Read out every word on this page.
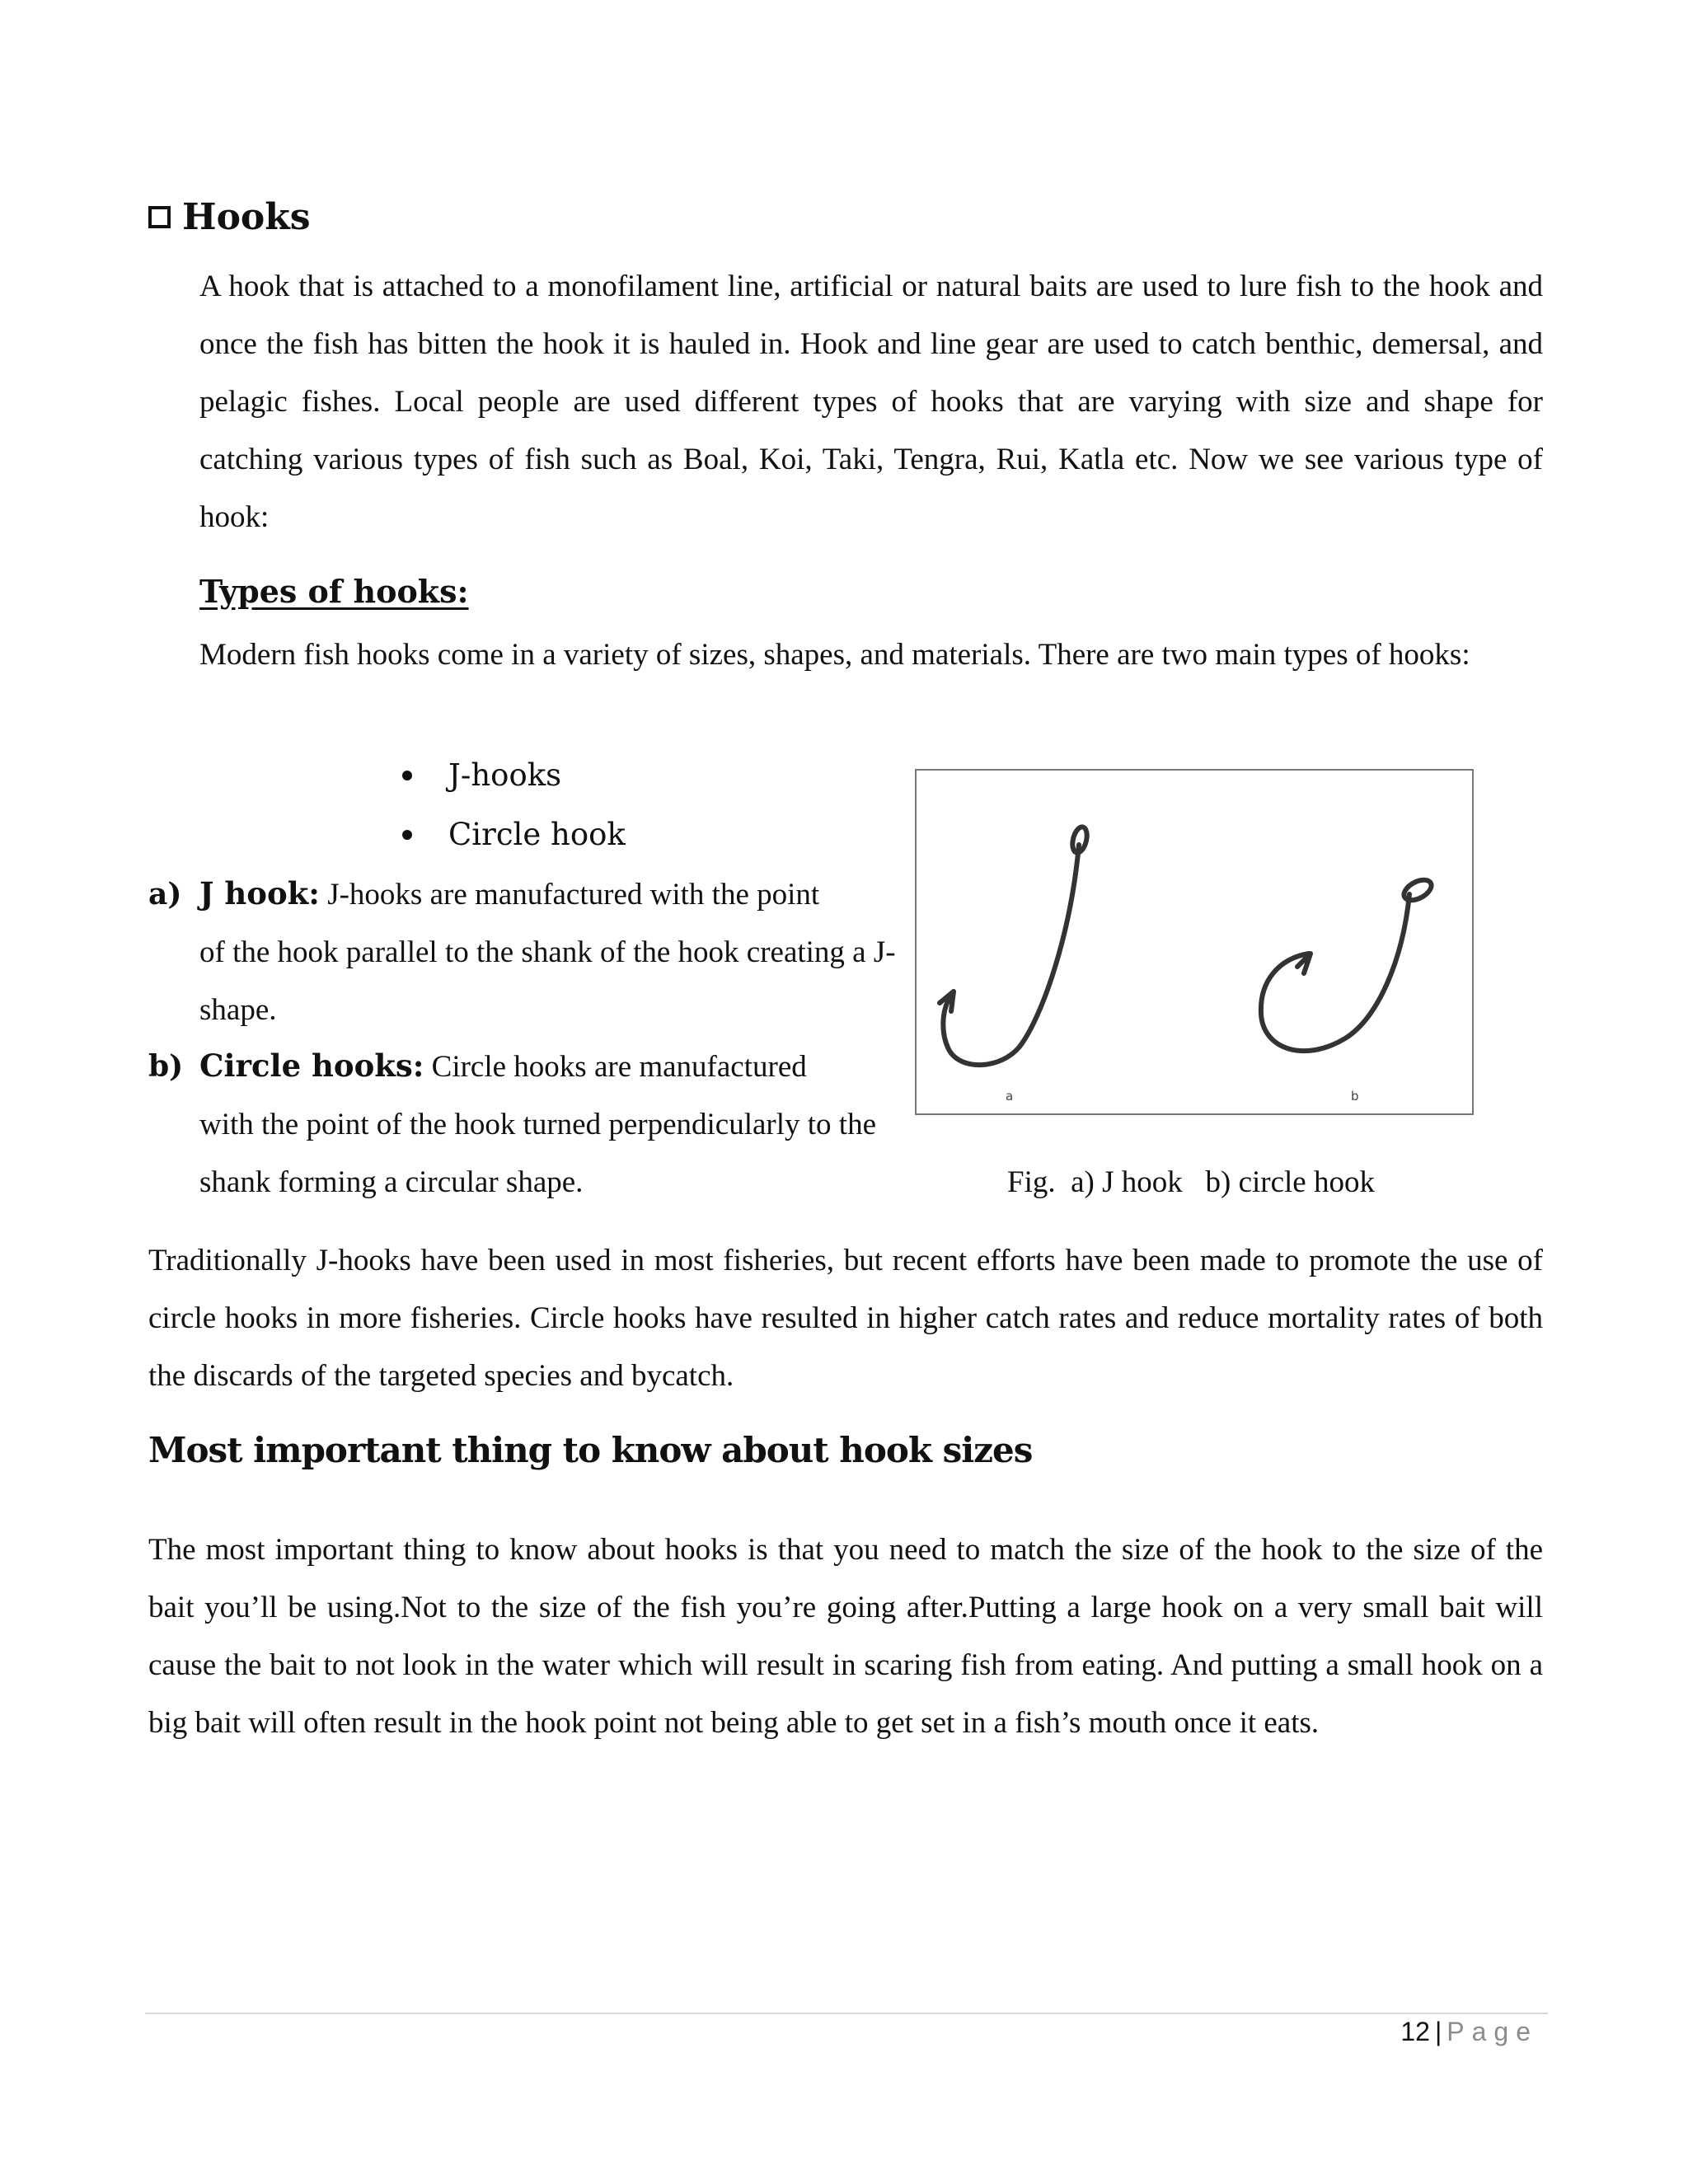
Hooks

A hook that is attached to a monofilament line, artificial or natural baits are used to lure fish to the hook and once the fish has bitten the hook it is hauled in. Hook and line gear are used to catch benthic, demersal, and pelagic fishes. Local people are used different types of hooks that are varying with size and shape for catching various types of fish such as Boal, Koi, Taki, Tengra, Rui, Katla etc. Now we see various type of hook:

Types of hooks:

Modern fish hooks come in a variety of sizes, shapes, and materials. There are two main types of hooks:

J-hooks
Circle hook

a) J hook: J-hooks are manufactured with the point
of the hook parallel to the shank of the hook creating a J-shape.

b) Circle hooks: Circle hooks are manufactured
with the point of the hook turned perpendicularly to the shank forming a circular shape.

a	b

Fig.  a) J hook   b) circle hook

Traditionally J-hooks have been used in most fisheries, but recent efforts have been made to promote the use of circle hooks in more fisheries. Circle hooks have resulted in higher catch rates and reduce mortality rates of both the discards of the targeted species and bycatch.

Most important thing to know about hook sizes

The most important thing to know about hooks is that you need to match the size of the hook to the size of the bait you’ll be using.Not to the size of the fish you’re going after.Putting a large hook on a very small bait will cause the bait to not look in the water which will result in scaring fish from eating. And putting a small hook on a big bait will often result in the hook point not being able to get set in a fish’s mouth once it eats.

12 | Page
